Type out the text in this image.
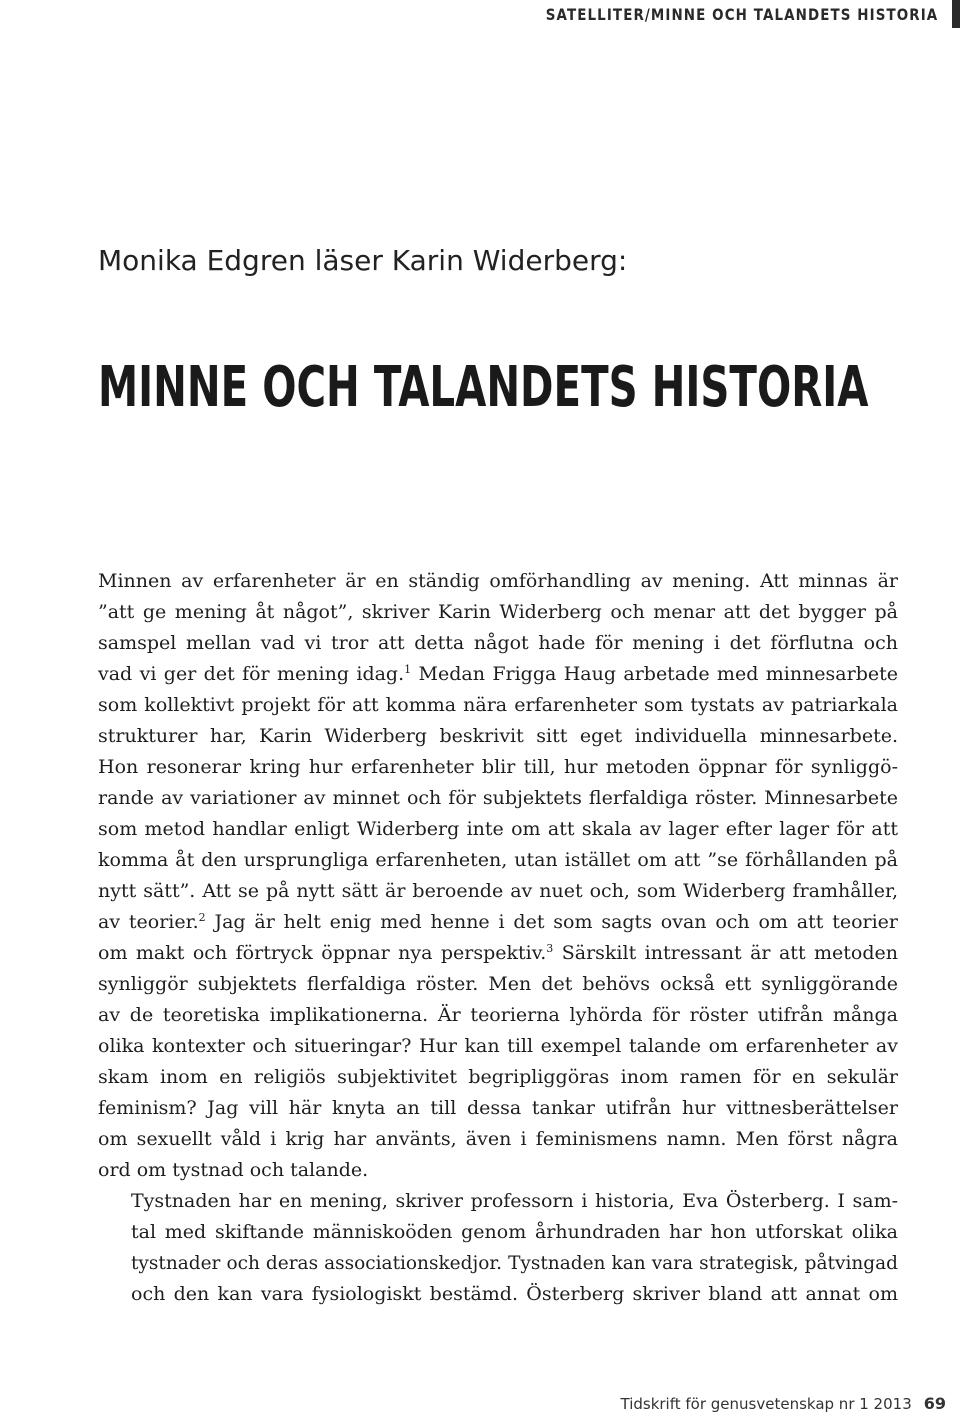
SATELLITER/MINNE OCH TALANDETS HISTORIA
Monika Edgren läser Karin Widerberg:
MINNE OCH TALANDETS HISTORIA

Minnen av erfarenheter är en ständig omförhandling av mening. Att minnas är
”att ge mening åt något”, skriver Karin Widerberg och menar att det bygger på
samspel mellan vad vi tror att detta något hade för mening i det förflutna och
vad vi ger det för mening idag.$^1$ Medan Frigga Haug arbetade med minnesarbete
som kollektivt projekt för att komma nära erfarenheter som tystats av patriarkala
strukturer har, Karin Widerberg beskrivit sitt eget individuella minnesarbete.
Hon resonerar kring hur erfarenheter blir till, hur metoden öppnar för synliggö-
rande av variationer av minnet och för subjektets flerfaldiga röster. Minnesarbete
som metod handlar enligt Widerberg inte om att skala av lager efter lager för att
komma åt den ursprungliga erfarenheten, utan istället om att ”se förhållanden på
nytt sätt”. Att se på nytt sätt är beroende av nuet och, som Widerberg framhåller,
av teorier.$^2$ Jag är helt enig med henne i det som sagts ovan och om att teorier
om makt och förtryck öppnar nya perspektiv.$^3$ Särskilt intressant är att metoden
synliggör subjektets flerfaldiga röster. Men det behövs också ett synliggörande
av de teoretiska implikationerna. Är teorierna lyhörda för röster utifrån många
olika kontexter och situeringar? Hur kan till exempel talande om erfarenheter av
skam inom en religiös subjektivitet begripliggöras inom ramen för en sekulär
feminism? Jag vill här knyta an till dessa tankar utifrån hur vittnesberättelser
om sexuellt våld i krig har använts, även i feminismens namn. Men först några
ord om tystnad och talande.

Tystnaden har en mening, skriver professorn i historia, Eva Österberg. I sam-
tal med skiftande människoöden genom århundraden har hon utforskat olika
tystnader och deras associationskedjor. Tystnaden kan vara strategisk, påtvingad
och den kan vara fysiologiskt bestämd. Österberg skriver bland att annat om

Tidskrift för genusvetenskap nr 1 2013 69
